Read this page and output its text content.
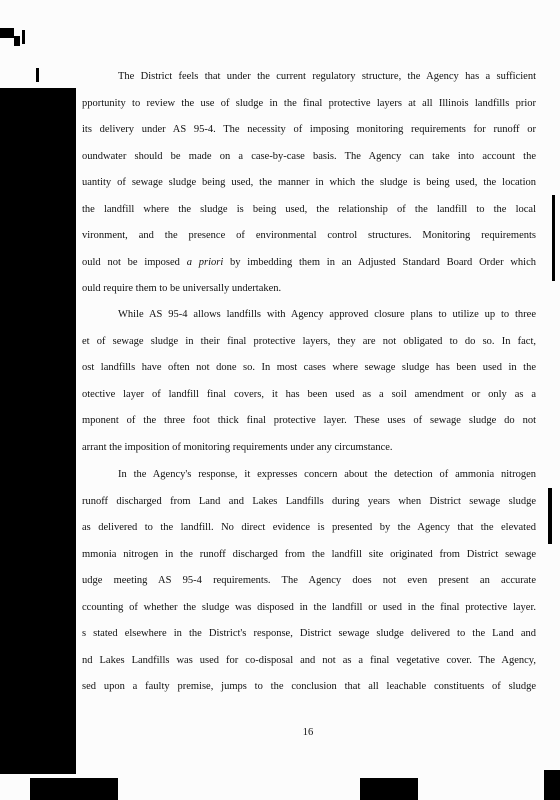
The District feels that under the current regulatory structure, the Agency has a sufficient
pportunity to review the use of sludge in the final protective layers at all Illinois landfills prior
its delivery under AS 95-4. The necessity of imposing monitoring requirements for runoff or
oundwater should be made on a case-by-case basis. The Agency can take into account the
uantity of sewage sludge being used, the manner in which the sludge is being used, the location
the landfill where the sludge is being used, the relationship of the landfill to the local
vironment, and the presence of environmental control structures. Monitoring requirements
ould not be imposed a priori by imbedding them in an Adjusted Standard Board Order which
ould require them to be universally undertaken.
While AS 95-4 allows landfills with Agency approved closure plans to utilize up to three
et of sewage sludge in their final protective layers, they are not obligated to do so. In fact,
ost landfills have often not done so. In most cases where sewage sludge has been used in the
otective layer of landfill final covers, it has been used as a soil amendment or only as a
mponent of the three foot thick final protective layer. These uses of sewage sludge do not
arrant the imposition of monitoring requirements under any circumstance.
In the Agency's response, it expresses concern about the detection of ammonia nitrogen
runoff discharged from Land and Lakes Landfills during years when District sewage sludge
as delivered to the landfill. No direct evidence is presented by the Agency that the elevated
mmonia nitrogen in the runoff discharged from the landfill site originated from District sewage
udge meeting AS 95-4 requirements. The Agency does not even present an accurate
ccounting of whether the sludge was disposed in the landfill or used in the final protective layer.
s stated elsewhere in the District's response, District sewage sludge delivered to the Land and
nd Lakes Landfills was used for co-disposal and not as a final vegetative cover. The Agency,
sed upon a faulty premise, jumps to the conclusion that all leachable constituents of sludge
16
